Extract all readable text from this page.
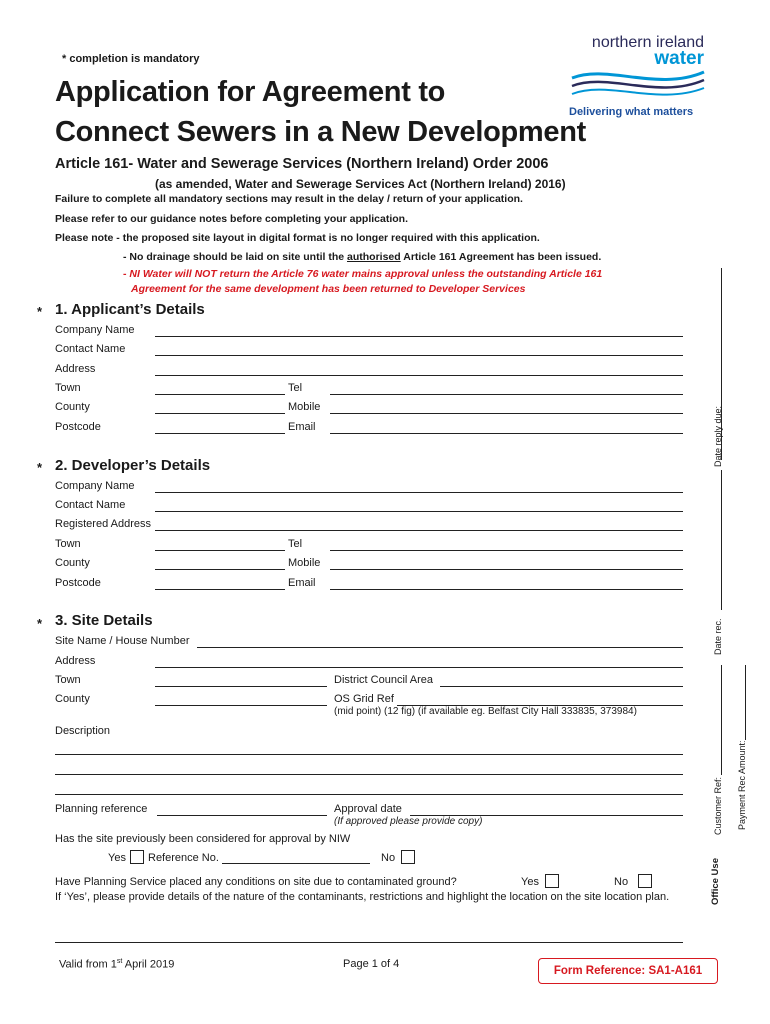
* completion is mandatory
Application for Agreement to
Connect Sewers in a New Development
northern ireland
water
Delivering what matters
Article 161- Water and Sewerage Services (Northern Ireland) Order 2006
(as amended, Water and Sewerage Services Act (Northern Ireland) 2016)
Failure to complete all mandatory sections may result in the delay / return of your application.
Please refer to our guidance notes before completing your application.
Please note - the proposed site layout in digital format is no longer required with this application.
- No drainage should be laid on site until the authorised Article 161 Agreement has been issued.
- NI Water will NOT return the Article 76 water mains approval unless the outstanding Article 161
Agreement for the same development has been returned to Developer Services
* 1. Applicant’s Details
Company Name
Contact Name
Address
Town	Tel
County	Mobile
Postcode	Email
* 2. Developer’s Details
Company Name
Contact Name
Registered Address
Town	Tel
County	Mobile
Postcode	Email
* 3. Site Details
Site Name / House Number
Address
Town	District Council Area
County	OS Grid Ref
(mid point) (12 fig) (if available eg. Belfast City Hall 333835, 373984)
Description
Planning reference	Approval date
(If approved please provide copy)
Has the site previously been considered for approval by NIW
Yes Reference No.	No
Have Planning Service placed any conditions on site due to contaminated ground?	Yes	No
If ‘Yes’, please provide details of the nature of the contaminants, restrictions and highlight the location on the site location plan.
Date reply due:
Date rec.
Customer Ref: Payment Rec Amount:
Office Use
Valid from 1st April 2019	Page 1 of 4
Form Reference: SA1-A161
